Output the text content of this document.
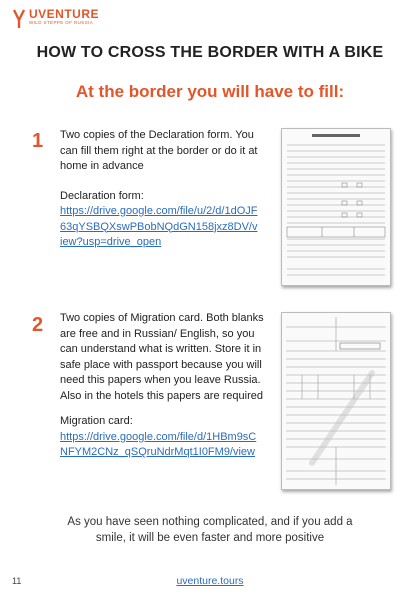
UVENTURE
WILD STEPPE OF RUSSIA
HOW TO CROSS THE BORDER WITH A BIKE
At the border you will have to fill:
1 Two copies of the Declaration form. You can fill them right at the border or do it at home in advance
Declaration form:
https://drive.google.com/file/u/2/d/1dOJF63qYSBQXswPBobNQdGN158jxz8DV/view?usp=drive_open
2 Two copies of Migration card. Both blanks are free and in Russian/ English, so you can understand what is written. Store it in safe place with passport because you will need this papers when you leave Russia. Also in the hotels this papers are required
Migration card:
https://drive.google.com/file/d/1HBm9sCNFYM2CNz_qSQruNdrMqt1I0FM9/view
As you have seen nothing complicated, and if you add a smile, it will be even faster and more positive
11	uventure.tours
